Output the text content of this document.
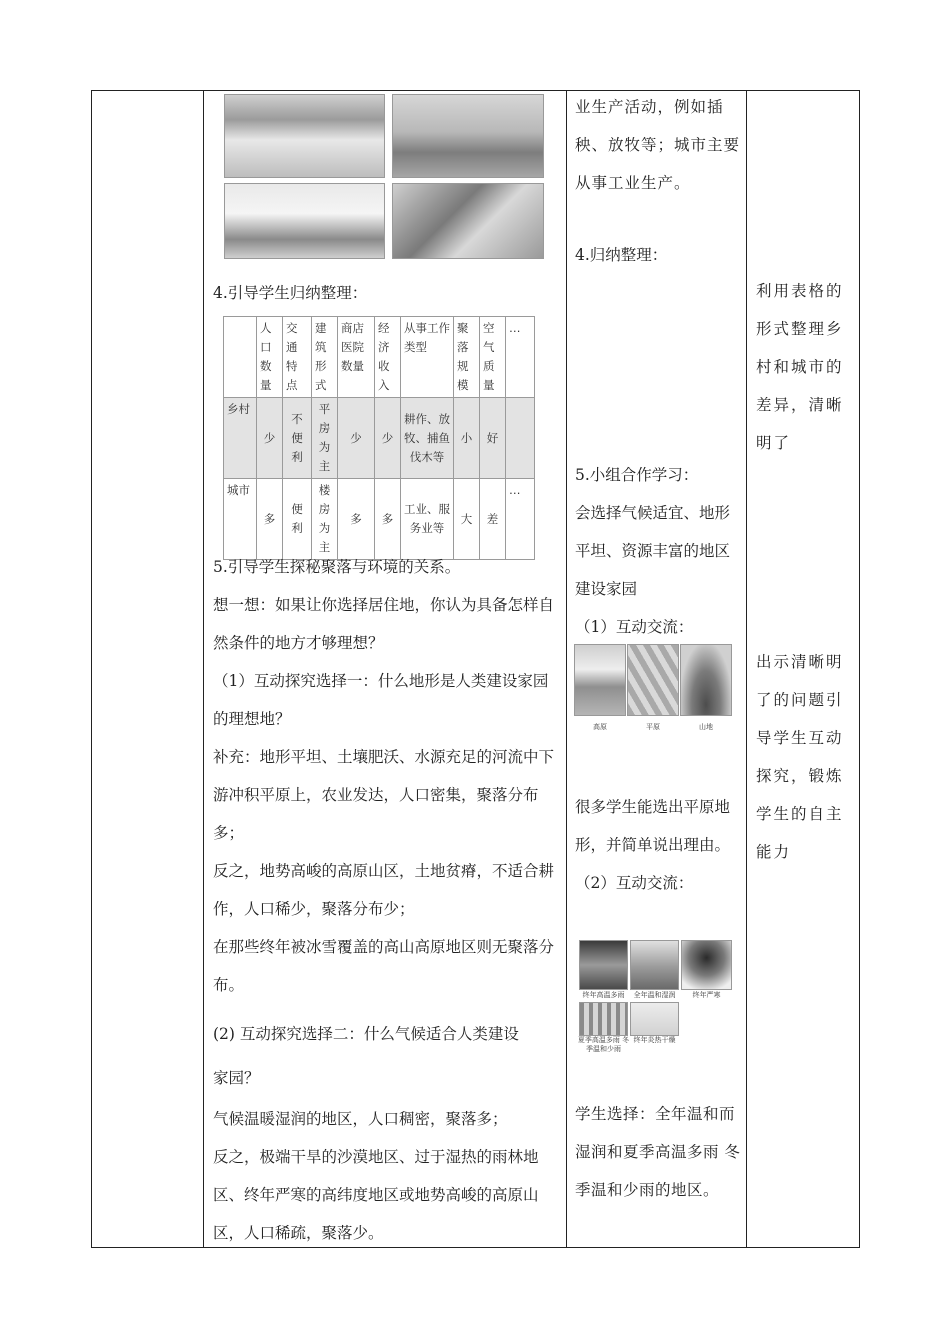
4.引导学生归纳整理：

	人口数量	交通特点	建筑形式	商店医院数量	经济收入	从事工作类型	聚落规模	空气质量	…
乡村	少	不便利	平房为主	少	少	耕作、放牧、捕鱼伐木等	小	好	
城市	多	便利	楼房为主	多	多	工业、服务业等	大	差	…

5.引导学生探秘聚落与环境的关系。

想一想：如果让你选择居住地，你认为具备怎样自然条件的地方才够理想？

（1）互动探究选择一：什么地形是人类建设家园的理想地？

补充：地形平坦、土壤肥沃、水源充足的河流中下游冲积平原上，农业发达，人口密集，聚落分布多；

反之，地势高峻的高原山区，土地贫瘠，不适合耕作，人口稀少，聚落分布少；

在那些终年被冰雪覆盖的高山高原地区则无聚落分布。

(2) 互动探究选择二：什么气候适合人类建设

家园？

气候温暖湿润的地区，人口稠密，聚落多；

反之，极端干旱的沙漠地区、过于湿热的雨林地区、终年严寒的高纬度地区或地势高峻的高原山区，人口稀疏，聚落少。

业生产活动，例如插秧、放牧等；城市主要从事工业生产。

4.归纳整理：

5.小组合作学习：

会选择气候适宜、地形平坦、资源丰富的地区建设家园

（1）互动交流：

高原	平原	山地

很多学生能选出平原地形，并简单说出理由。

（2）互动交流：

终年高温多雨	全年温和湿润	终年严寒
夏季高温多雨 冬季温和少雨
终年炎热干燥

学生选择：全年温和而湿润和夏季高温多雨 冬季温和少雨的地区。

利用表格的形式整理乡村和城市的差异，清晰明了

出示清晰明了的问题引导学生互动探究，锻炼学生的自主能力
